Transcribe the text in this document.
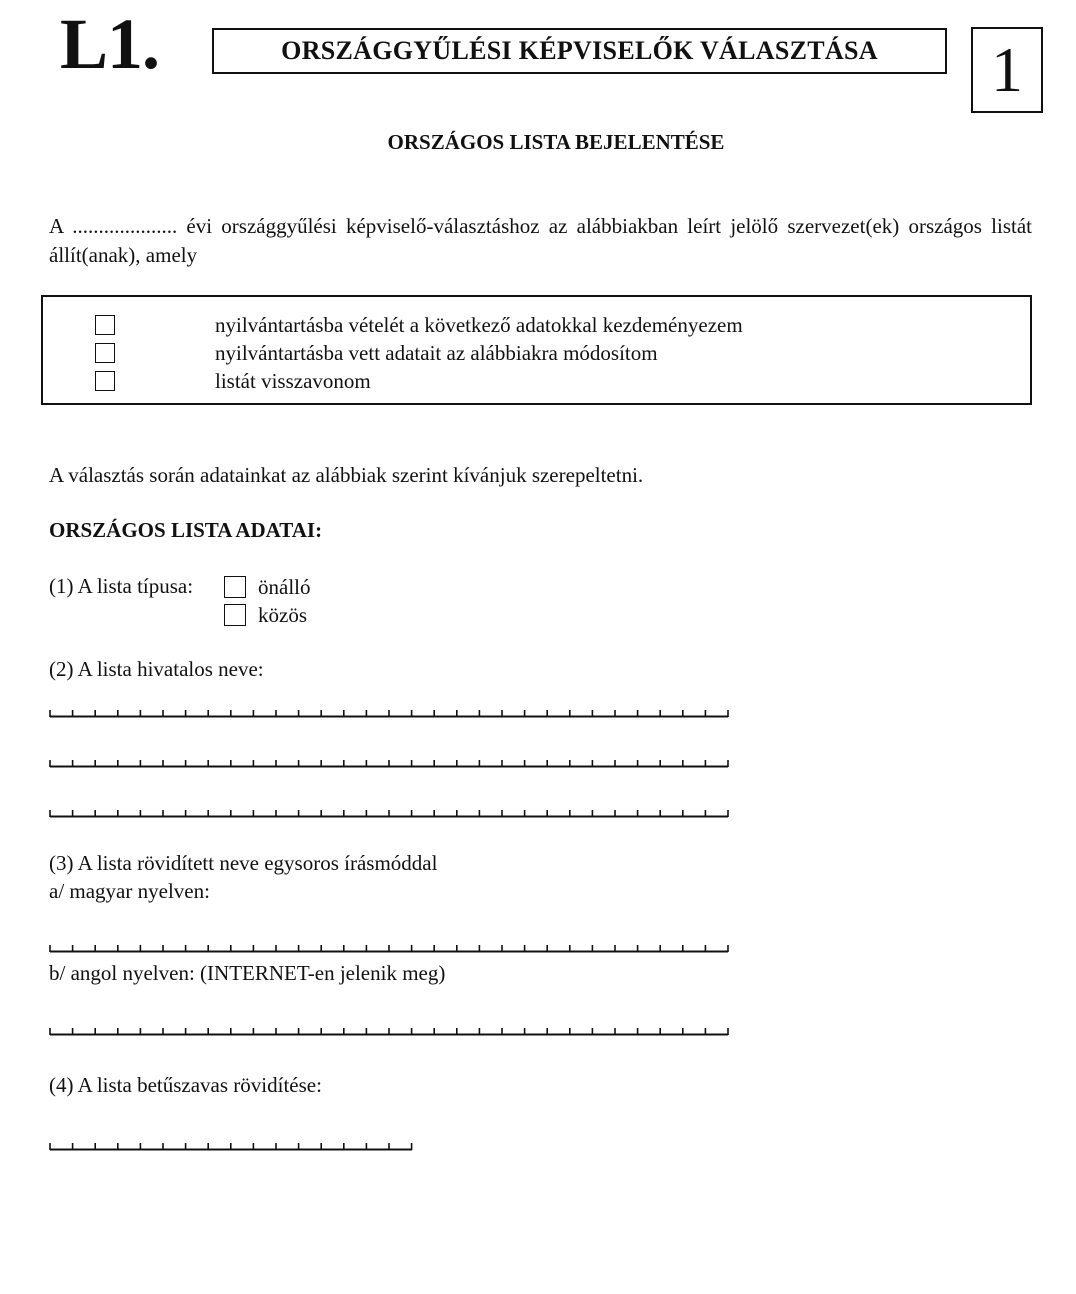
L1.	ORSZÁGGYŰLÉSI KÉPVISELŐK VÁLASZTÁSA	1
ORSZÁGOS LISTA BEJELENTÉSE
A .................... évi országgyűlési képviselő-választáshoz az alábbiakban leírt jelölő szervezet(ek) országos listát állít(anak), amely
nyilvántartásba vételét a következő adatokkal kezdeményezem
nyilvántartásba vett adatait az alábbiakra módosítom
listát visszavonom
A választás során adatainkat az alábbiak szerint kívánjuk szerepeltetni.
ORSZÁGOS LISTA ADATAI:
(1) A lista típusa:	önálló
közös
(2) A lista hivatalos neve:
(3) A lista rövidített neve egysoros írásmóddal
a/ magyar nyelven:
b/ angol nyelven: (INTERNET-en jelenik meg)
(4) A lista betűszavas rövidítése:
